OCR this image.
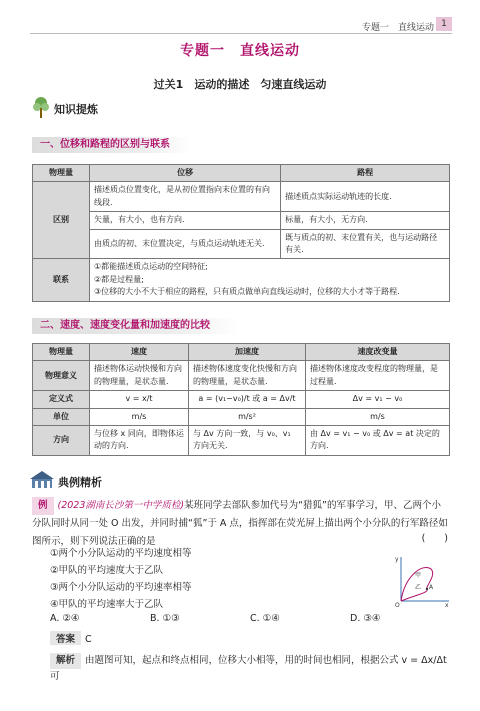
专题一　直线运动 1
专题一　直线运动
过关1　运动的描述　匀速直线运动
知识提炼
一、位移和路程的区别与联系
物理量	位移	路程
区别	描述质点位置变化，是从初位置指向末位置的有向线段.	描述质点实际运动轨迹的长度.
	矢量，有大小，也有方向.	标量，有大小，无方向.
	由质点的初、末位置决定，与质点运动轨迹无关.	既与质点的初、末位置有关，也与运动路径有关.
联系	①都能描述质点运动的空间特征;
②都是过程量;
③位移的大小不大于相应的路程，只有质点做单向直线运动时，位移的大小才等于路程.	
二、速度、速度变化量和加速度的比较
物理量	速度	加速度	速度改变量
物理意义	描述物体运动快慢和方向的物理量，是状态量.	描述物体速度变化快慢和方向的物理量，是状态量.	描述物体速度改变程度的物理量，是过程量.
定义式	v = x/t	a = (v₁−v₀)/t 或 a = Δv/t	Δv = v₁ − v₀
单位	m/s	m/s²	m/s
方向	与位移 x 同向，即物体运动的方向.	与 Δv 方向一致，与 v₀、v₁ 方向无关.	由 Δv = v₁ − v₀ 或 Δv = at 决定的方向.
典例精析
例 (2023湖南长沙第一中学质检)某班同学去部队参加代号为“猎狐”的军事学习，甲、乙两个小分队同时从同一处 O 出发，并同时捕“狐”于 A 点，指挥部在荧光屏上描出两个小分队的行军路径如图所示，则下列说法正确的是	(　　)
①两个小分队运动的平均速度相等
②甲队的平均速度大于乙队
③两个小分队运动的平均速率相等
④甲队的平均速率大于乙队
y
x
O
A
甲
乙
A. ②④	B. ①③	C. ①④	D. ③④
答案 C
解析 由题图可知，起点和终点相同，位移大小相等，用的时间也相同，根据公式 v = Δx/Δt 可
